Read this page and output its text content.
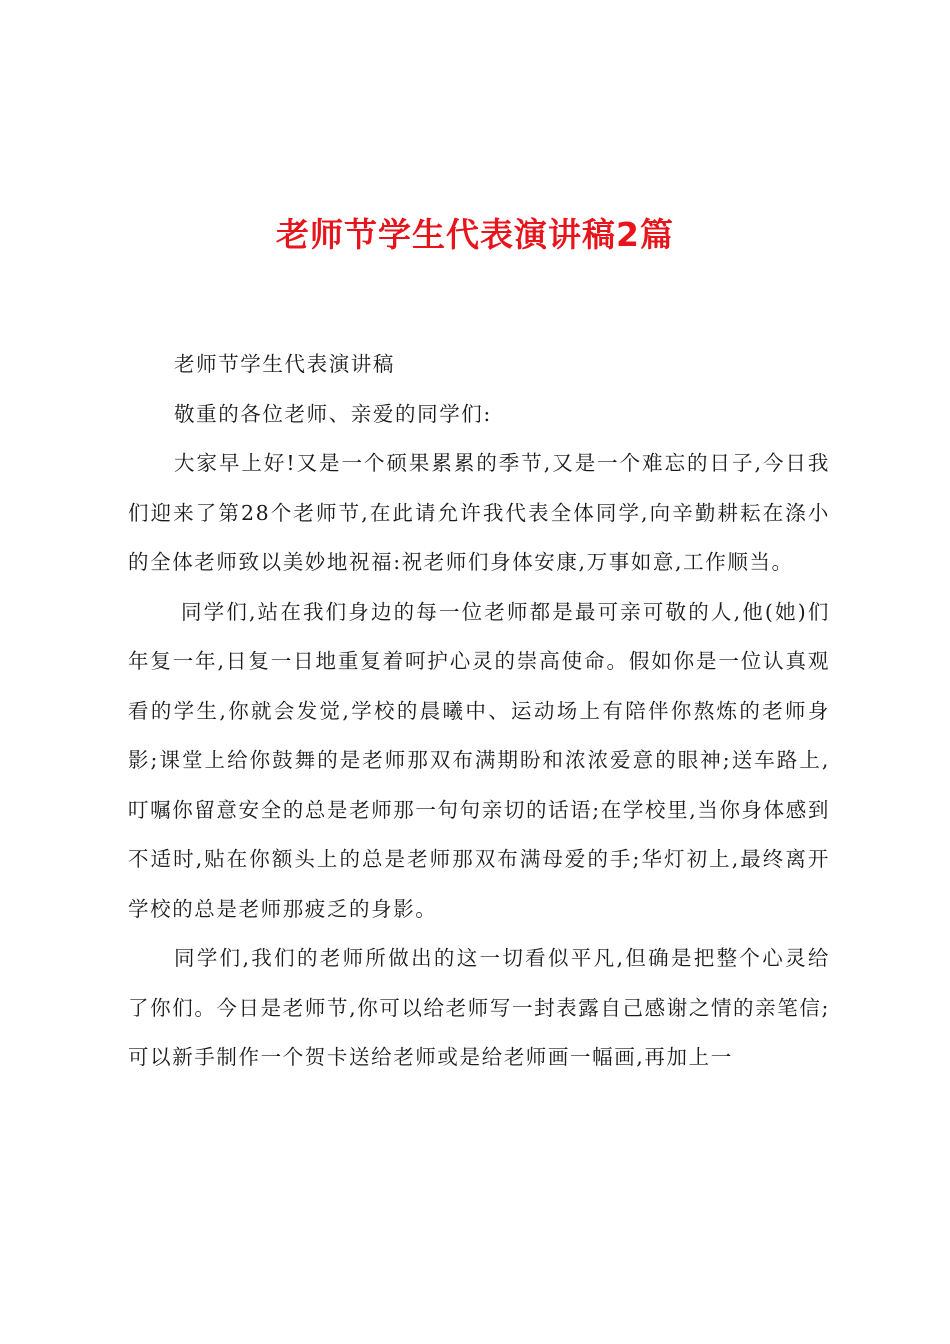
老师节学生代表演讲稿2篇

老师节学生代表演讲稿

敬重的各位老师、亲爱的同学们:

大家早上好!又是一个硕果累累的季节,又是一个难忘的日子,今日我们迎来了第28个老师节,在此请允许我代表全体同学,向辛勤耕耘在涤小的全体老师致以美妙地祝福:祝老师们身体安康,万事如意,工作顺当。

同学们,站在我们身边的每一位老师都是最可亲可敬的人,他(她)们年复一年,日复一日地重复着呵护心灵的崇高使命。假如你是一位认真观看的学生,你就会发觉,学校的晨曦中、运动场上有陪伴你熬炼的老师身影;课堂上给你鼓舞的是老师那双布满期盼和浓浓爱意的眼神;送车路上,叮嘱你留意安全的总是老师那一句句亲切的话语;在学校里,当你身体感到不适时,贴在你额头上的总是老师那双布满母爱的手;华灯初上,最终离开学校的总是老师那疲乏的身影。

同学们,我们的老师所做出的这一切看似平凡,但确是把整个心灵给了你们。今日是老师节,你可以给老师写一封表露自己感谢之情的亲笔信;可以新手制作一个贺卡送给老师或是给老师画一幅画,再加上一
